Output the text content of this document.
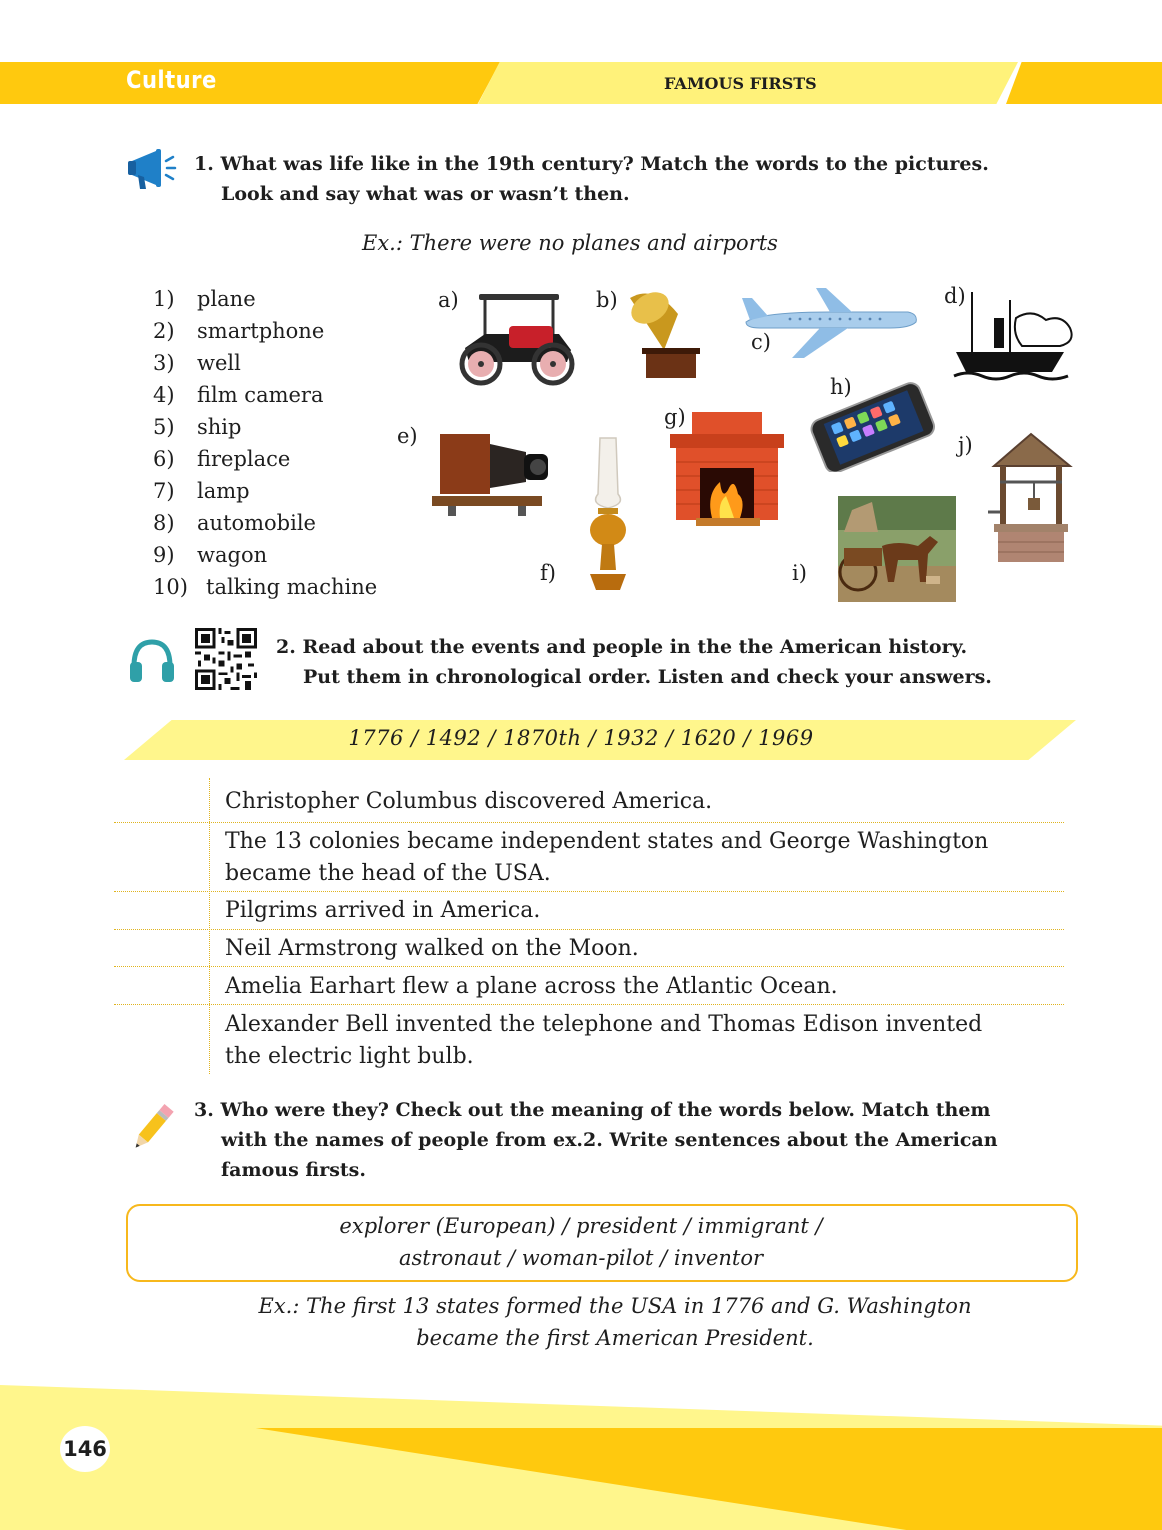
Culture	FAMOUS FIRSTS
1. What was life like in the 19th century? Match the words to the pictures.
Look and say what was or wasn’t then.
Ex.: There were no planes and airports
1) plane
2) smartphone
3) well
4) film camera
5) ship
6) fireplace
7) lamp
8) automobile
9) wagon
10) talking machine
a)	b)
c)
d)
e)
f)
g)
h)
i)
j)
2. Read about the events and people in the the American history.
Put them in chronological order. Listen and check your answers.
1776 / 1492 / 1870th / 1932 / 1620 / 1969
Christopher Columbus discovered America.
The 13 colonies became independent states and George Washington
became the head of the USA.
Pilgrims arrived in America.
Neil Armstrong walked on the Moon.
Amelia Earhart flew a plane across the Atlantic Ocean.
Alexander Bell invented the telephone and Thomas Edison invented
the electric light bulb.
3. Who were they? Check out the meaning of the words below. Match them
with the names of people from ex.2. Write sentences about the American
famous firsts.
explorer (European) / president / immigrant /
astronaut / woman-pilot / inventor
Ex.: The first 13 states formed the USA in 1776 and G. Washington
became the first American President.
146
